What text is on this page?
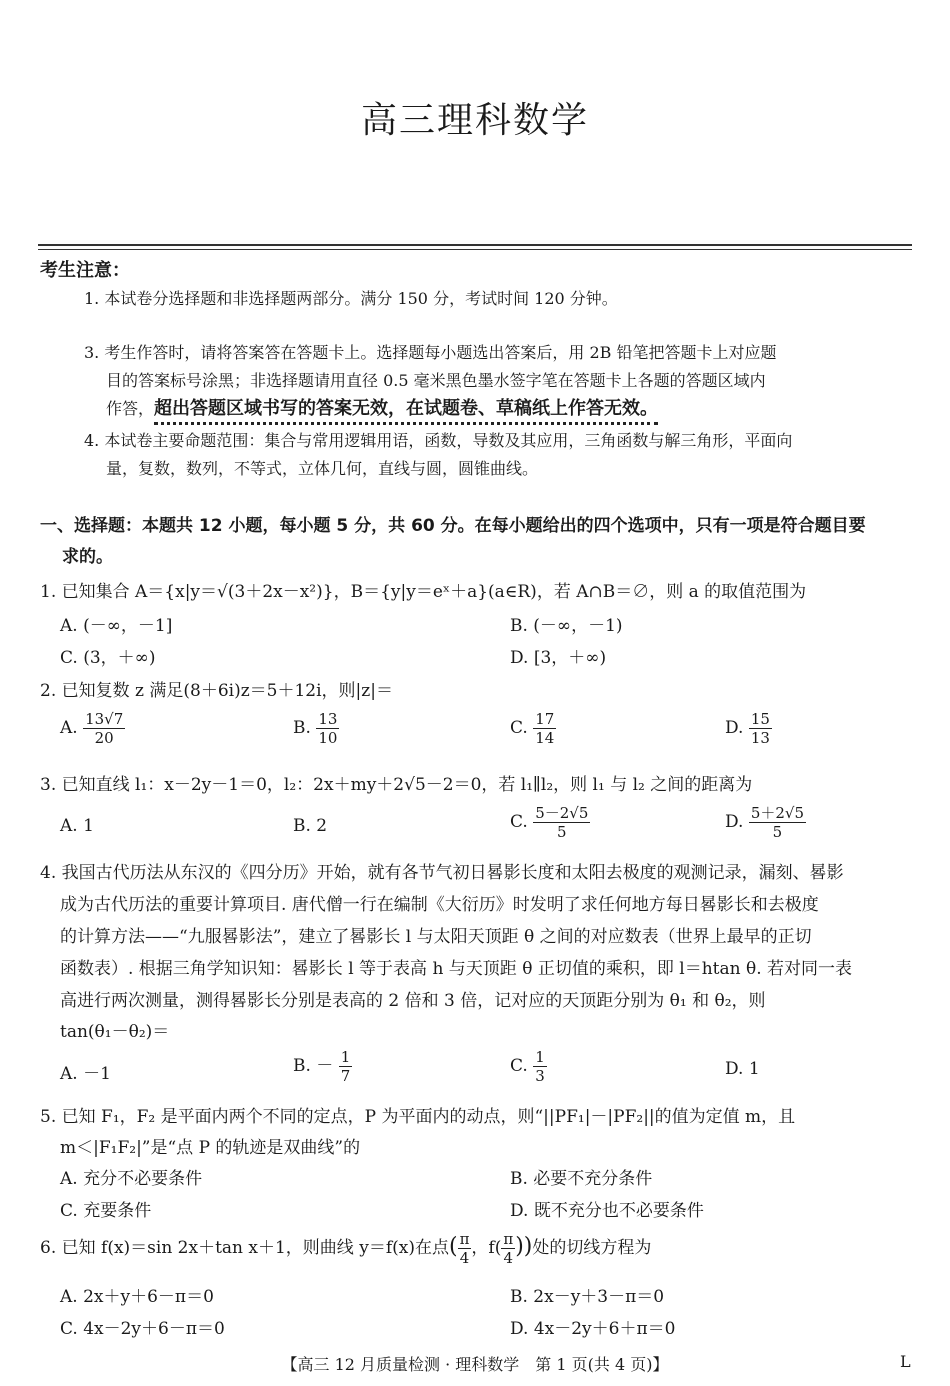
高三理科数学
考生注意：
1. 本试卷分选择题和非选择题两部分。满分 150 分，考试时间 120 分钟。
3. 考生作答时，请将答案答在答题卡上。选择题每小题选出答案后，用 2B 铅笔把答题卡上对应题
目的答案标号涂黑；非选择题请用直径 0.5 毫米黑色墨水签字笔在答题卡上各题的答题区域内
作答，超出答题区域书写的答案无效，在试题卷、草稿纸上作答无效。
4. 本试卷主要命题范围：集合与常用逻辑用语，函数，导数及其应用，三角函数与解三角形，平面向
量，复数，数列，不等式，立体几何，直线与圆，圆锥曲线。
一、选择题：本题共 12 小题，每小题 5 分，共 60 分。在每小题给出的四个选项中，只有一项是符合题目要
求的。
1. 已知集合 A＝{x|y＝√(3＋2x－x²)}，B＝{y|y＝eˣ＋a}(a∈R)，若 A∩B＝∅，则 a 的取值范围为
A. (－∞，－1]	B. (－∞，－1)
C. (3，＋∞)	D. [3，＋∞)
2. 已知复数 z 满足(8＋6i)z＝5＋12i，则|z|＝
A. $\frac{13√7}{20}$	B. $\frac{13}{10}$	C. $\frac{17}{14}$	D. $\frac{15}{13}$
3. 已知直线 l₁：x－2y－1＝0，l₂：2x＋my＋2√5－2＝0，若 l₁∥l₂，则 l₁ 与 l₂ 之间的距离为
A. 1	B. 2	C. $\frac{5-2√5}{5}$	D. $\frac{5+2√5}{5}$
4. 我国古代历法从东汉的《四分历》开始，就有各节气初日晷影长度和太阳去极度的观测记录，漏刻、晷影
成为古代历法的重要计算项目. 唐代僧一行在编制《大衍历》时发明了求任何地方每日晷影长和去极度
的计算方法——“九服晷影法”，建立了晷影长 l 与太阳天顶距 θ 之间的对应数表（世界上最早的正切
函数表）. 根据三角学知识知：晷影长 l 等于表高 h 与天顶距 θ 正切值的乘积，即 l＝htan θ. 若对同一表
高进行两次测量，测得晷影长分别是表高的 2 倍和 3 倍，记对应的天顶距分别为 θ₁ 和 θ₂，则
tan(θ₁－θ₂)＝
A. －1	B. － $\frac{1}{7}$	C. $\frac{1}{3}$	D. 1
5. 已知 F₁，F₂ 是平面内两个不同的定点，P 为平面内的动点，则“||PF₁|－|PF₂||的值为定值 m，且
m＜|F₁F₂|”是“点 P 的轨迹是双曲线”的
A. 充分不必要条件	B. 必要不充分条件
C. 充要条件	D. 既不充分也不必要条件
6. 已知 f(x)＝sin 2x＋tan x＋1，则曲线 y＝f(x)在点( $\frac{\pi}{4}$ ，$f( \frac{\pi}{4}$ ))处的切线方程为
A. 2x＋y＋6－π＝0	B. 2x－y＋3－π＝0
C. 4x－2y＋6－π＝0	D. 4x－2y＋6＋π＝0
【高三 12 月质量检测 · 理科数学　第 1 页(共 4 页)】	L
